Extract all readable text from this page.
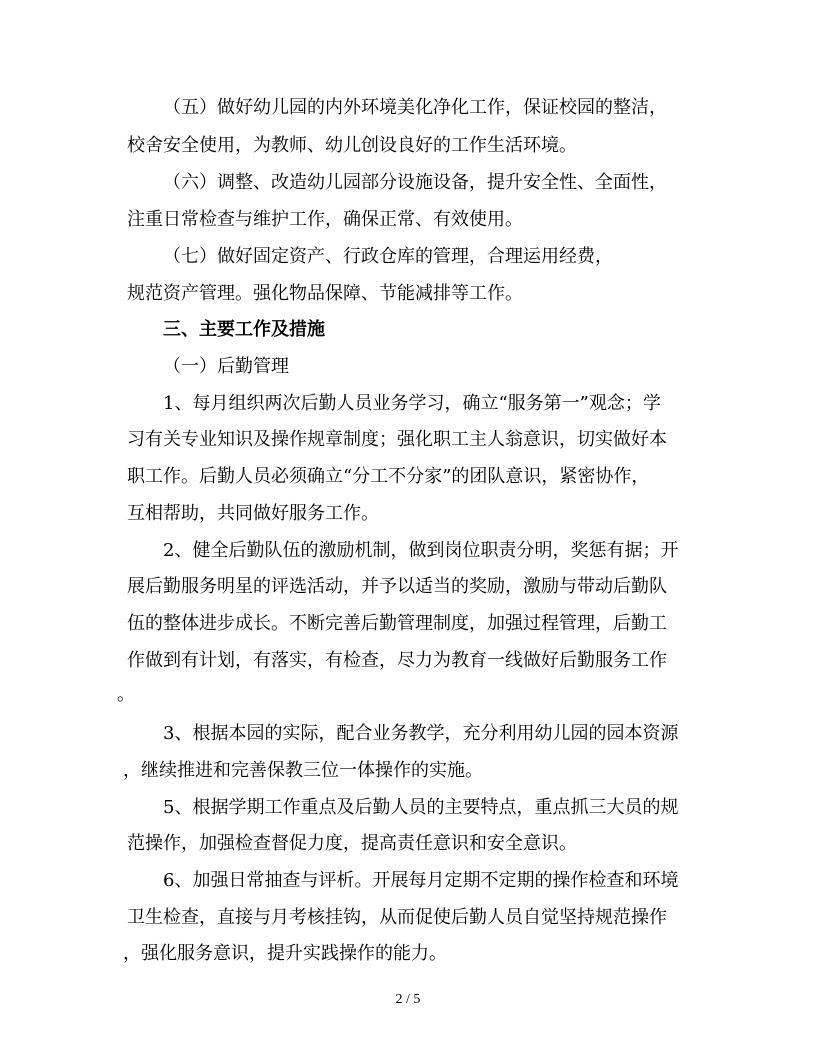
（五）做好幼儿园的内外环境美化净化工作，保证校园的整洁，
校舍安全使用，为教师、幼儿创设良好的工作生活环境。
（六）调整、改造幼儿园部分设施设备，提升安全性、全面性，
注重日常检查与维护工作，确保正常、有效使用。
（七）做好固定资产、行政仓库的管理，合理运用经费，
规范资产管理。强化物品保障、节能减排等工作。
三、主要工作及措施
（一）后勤管理
1、每月组织两次后勤人员业务学习，确立“服务第一”观念；学
习有关专业知识及操作规章制度；强化职工主人翁意识，切实做好本
职工作。后勤人员必须确立“分工不分家”的团队意识，紧密协作，
互相帮助，共同做好服务工作。
2、健全后勤队伍的激励机制，做到岗位职责分明，奖惩有据；开
展后勤服务明星的评选活动，并予以适当的奖励，激励与带动后勤队
伍的整体进步成长。不断完善后勤管理制度，加强过程管理，后勤工
作做到有计划，有落实，有检查，尽力为教育一线做好后勤服务工作
。
3、根据本园的实际，配合业务教学，充分利用幼儿园的园本资源
，继续推进和完善保教三位一体操作的实施。
5、根据学期工作重点及后勤人员的主要特点，重点抓三大员的规
范操作，加强检查督促力度，提高责任意识和安全意识。
6、加强日常抽查与评析。开展每月定期不定期的操作检查和环境
卫生检查，直接与月考核挂钩，从而促使后勤人员自觉坚持规范操作
，强化服务意识，提升实践操作的能力。
2 / 5
